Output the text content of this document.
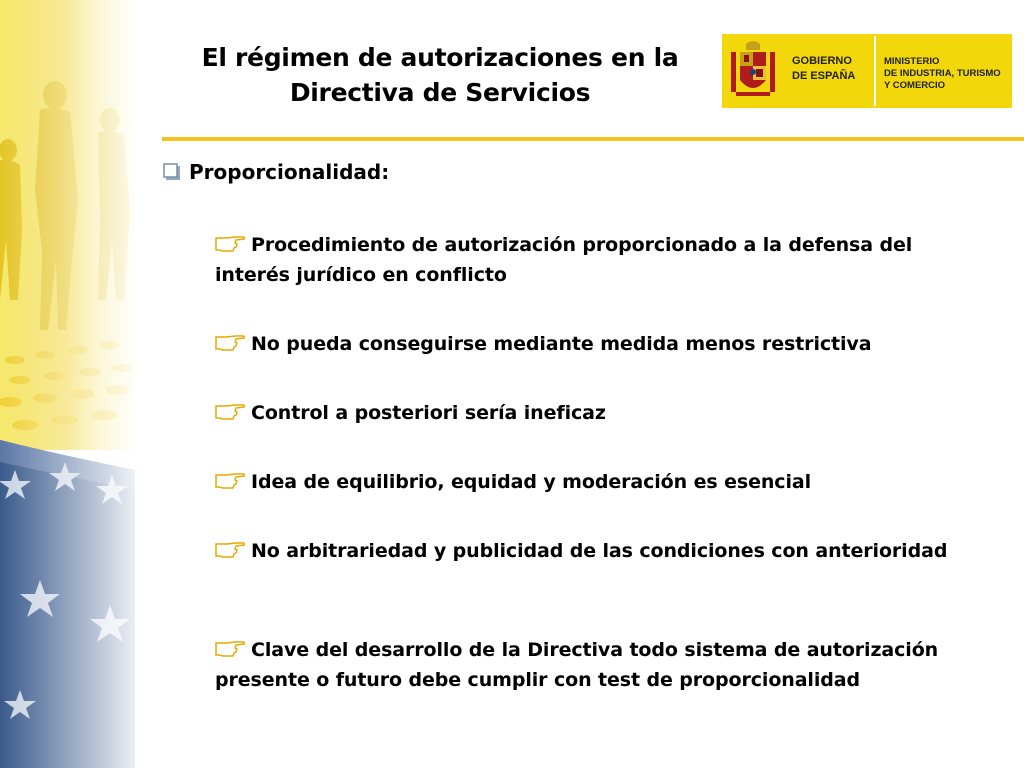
El régimen de autorizaciones en la
Directiva de Servicios
GOBIERNO
DE ESPAÑA
MINISTERIO
DE INDUSTRIA, TURISMO
Y COMERCIO
Proporcionalidad:
Procedimiento de autorización proporcionado a la defensa del interés jurídico en conflicto
No pueda conseguirse mediante medida menos restrictiva
Control a posteriori sería ineficaz
Idea de equilibrio, equidad y moderación es esencial
No arbitrariedad y publicidad de las condiciones con anterioridad
Clave del desarrollo de la Directiva todo sistema de autorización presente o futuro debe cumplir con test de proporcionalidad
